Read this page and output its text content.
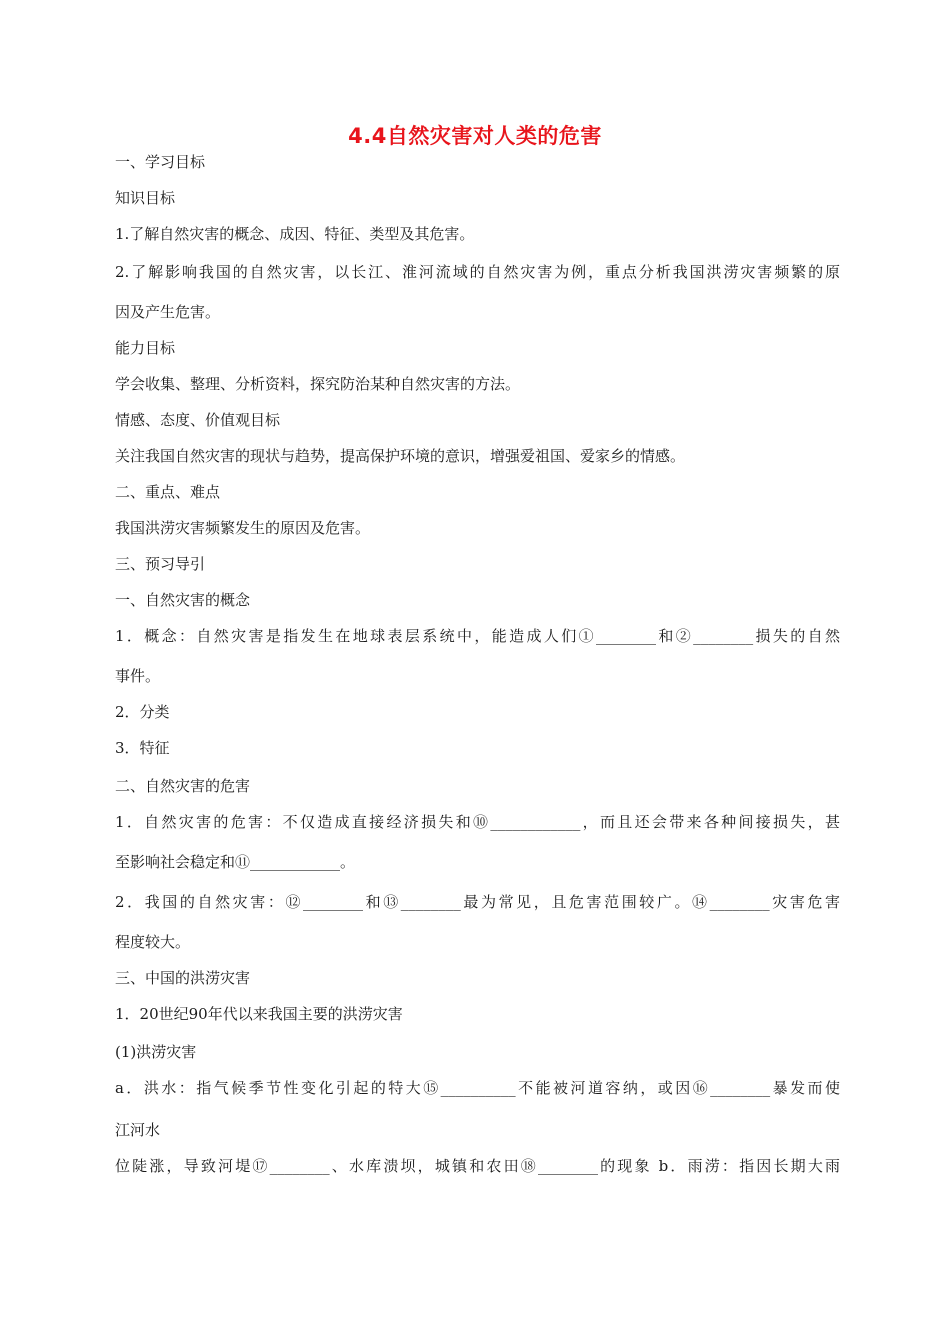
4.4自然灾害对人类的危害
一、学习目标
知识目标
1.了解自然灾害的概念、成因、特征、类型及其危害。
2.了解影响我国的自然灾害，以长江、淮河流域的自然灾害为例，重点分析我国洪涝灾害频繁的原
因及产生危害。
能力目标
学会收集、整理、分析资料，探究防治某种自然灾害的方法。
情感、态度、价值观目标
关注我国自然灾害的现状与趋势，提高保护环境的意识，增强爱祖国、爱家乡的情感。
二、重点、难点
我国洪涝灾害频繁发生的原因及危害。
三、预习导引
一、自然灾害的概念
1．概念：自然灾害是指发生在地球表层系统中，能造成人们①________和②________损失的自然
事件。
2．分类
3．特征
二、自然灾害的危害
1．自然灾害的危害：不仅造成直接经济损失和⑩____________，而且还会带来各种间接损失，甚
至影响社会稳定和⑪____________。
2．我国的自然灾害：⑫________和⑬________最为常见，且危害范围较广。⑭________灾害危害
程度较大。
三、中国的洪涝灾害
1．20世纪90年代以来我国主要的洪涝灾害
(1)洪涝灾害
a．洪水：指气候季节性变化引起的特大⑮__________不能被河道容纳，或因⑯________暴发而使
江河水
位陡涨，导致河堤⑰________、水库溃坝，城镇和农田⑱________的现象 b．雨涝：指因长期大雨
